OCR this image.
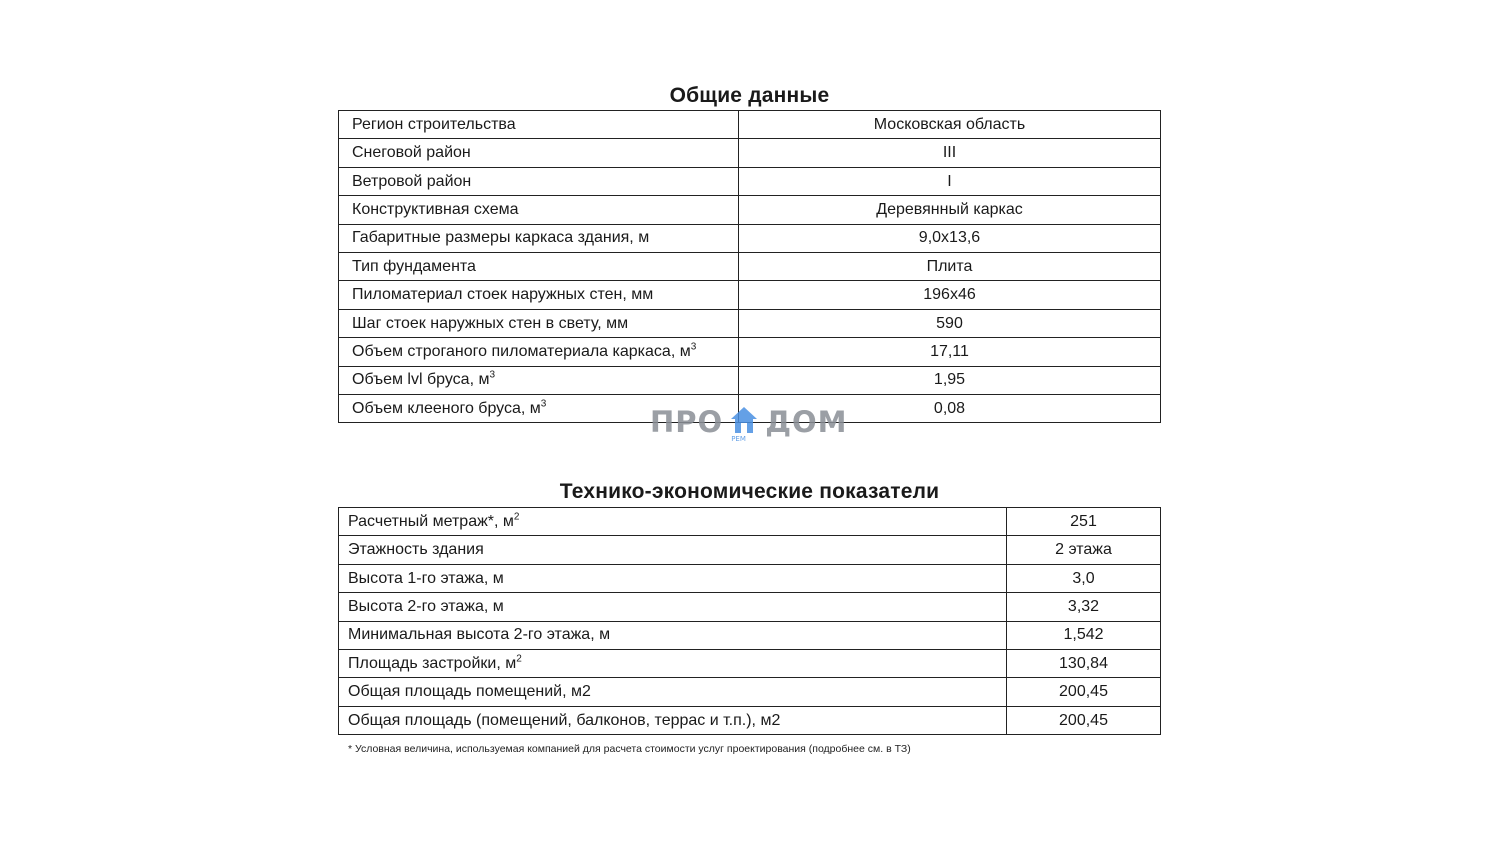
Общие данные
Регион строительства	Московская область
Снеговой район	III
Ветровой район	I
Конструктивная схема	Деревянный каркас
Габаритные размеры каркаса здания, м	9,0х13,6
Тип фундамента	Плита
Пиломатериал стоек наружных стен, мм	196х46
Шаг стоек наружных стен в свету, мм	590
Объем строганого пиломатериала каркаса, $м^3$	17,11
Объем lvl бруса, $м^3$	1,95
Объем клееного бруса, $м^3$	0,08
ПРО РЕМ ДОМ
Технико-экономические показатели
Расчетный метраж*, $м^2$	251
Этажность здания	2 этажа
Высота 1-го этажа, м	3,0
Высота 2-го этажа, м	3,32
Минимальная высота 2-го этажа, м	1,542
Площадь застройки, $м^2$	130,84
Общая площадь помещений, м2	200,45
Общая площадь (помещений, балконов, террас и т.п.), м2	200,45
* Условная величина, используемая компанией для расчета стоимости услуг проектирования (подробнее см. в ТЗ)
